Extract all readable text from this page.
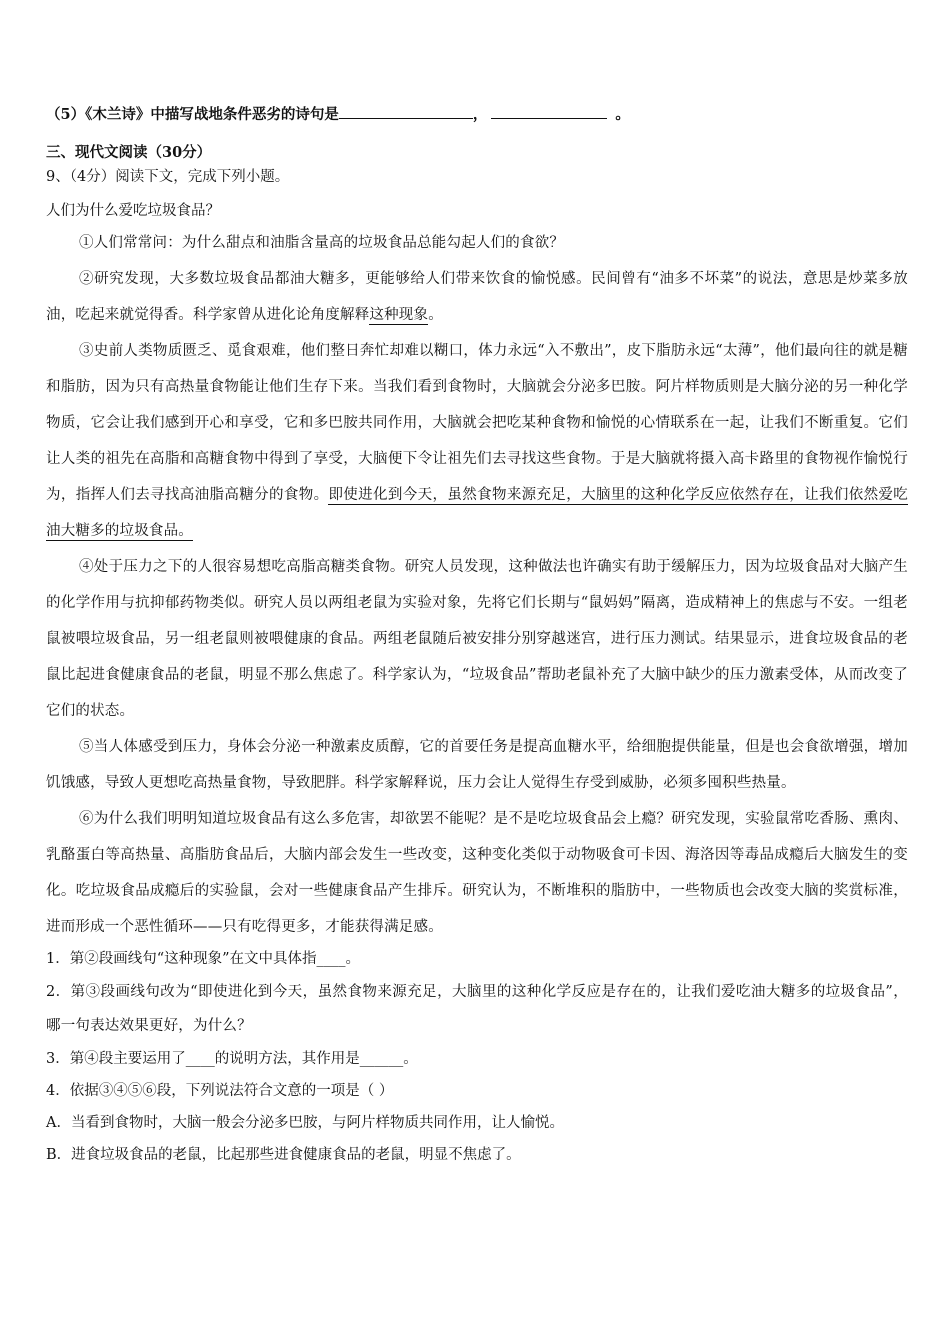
（5）《木兰诗》中描写战地条件恶劣的诗句是	，	。
三、现代文阅读（30分）
9、（4分）阅读下文，完成下列小题。
人们为什么爱吃垃圾食品？
①人们常常问：为什么甜点和油脂含量高的垃圾食品总能勾起人们的食欲？
②研究发现，大多数垃圾食品都油大糖多，更能够给人们带来饮食的愉悦感。民间曾有“油多不坏菜”的说法，意思是炒菜多放油，吃起来就觉得香。科学家曾从进化论角度解释这种现象。
③史前人类物质匮乏、觅食艰难，他们整日奔忙却难以糊口，体力永远“入不敷出”，皮下脂肪永远“太薄”，他们最向往的就是糖和脂肪，因为只有高热量食物能让他们生存下来。当我们看到食物时，大脑就会分泌多巴胺。阿片样物质则是大脑分泌的另一种化学物质，它会让我们感到开心和享受，它和多巴胺共同作用，大脑就会把吃某种食物和愉悦的心情联系在一起，让我们不断重复。它们让人类的祖先在高脂和高糖食物中得到了享受，大脑便下令让祖先们去寻找这些食物。于是大脑就将摄入高卡路里的食物视作愉悦行为，指挥人们去寻找高油脂高糖分的食物。即使进化到今天，虽然食物来源充足，大脑里的这种化学反应依然存在，让我们依然爱吃油大糖多的垃圾食品。
④处于压力之下的人很容易想吃高脂高糖类食物。研究人员发现，这种做法也许确实有助于缓解压力，因为垃圾食品对大脑产生的化学作用与抗抑郁药物类似。研究人员以两组老鼠为实验对象，先将它们长期与“鼠妈妈”隔离，造成精神上的焦虑与不安。一组老鼠被喂垃圾食品，另一组老鼠则被喂健康的食品。两组老鼠随后被安排分别穿越迷宫，进行压力测试。结果显示，进食垃圾食品的老鼠比起进食健康食品的老鼠，明显不那么焦虑了。科学家认为，“垃圾食品”帮助老鼠补充了大脑中缺少的压力激素受体，从而改变了它们的状态。
⑤当人体感受到压力，身体会分泌一种激素皮质醇，它的首要任务是提高血糖水平，给细胞提供能量，但是也会食欲增强，增加饥饿感，导致人更想吃高热量食物，导致肥胖。科学家解释说，压力会让人觉得生存受到威胁，必须多囤积些热量。
⑥为什么我们明明知道垃圾食品有这么多危害，却欲罢不能呢？是不是吃垃圾食品会上瘾？研究发现，实验鼠常吃香肠、熏肉、乳酪蛋白等高热量、高脂肪食品后，大脑内部会发生一些改变，这种变化类似于动物吸食可卡因、海洛因等毒品成瘾后大脑发生的变化。吃垃圾食品成瘾后的实验鼠，会对一些健康食品产生排斥。研究认为，不断堆积的脂肪中，一些物质也会改变大脑的奖赏标准，进而形成一个恶性循环——只有吃得更多，才能获得满足感。
1．第②段画线句“这种现象”在文中具体指____。
2．第③段画线句改为“即使进化到今天，虽然食物来源充足，大脑里的这种化学反应是存在的，让我们爱吃油大糖多的垃圾食品”，哪一句表达效果更好，为什么？
3．第④段主要运用了____的说明方法，其作用是______。
4．依据③④⑤⑥段，下列说法符合文意的一项是（ ）
A．当看到食物时，大脑一般会分泌多巴胺，与阿片样物质共同作用，让人愉悦。
B．进食垃圾食品的老鼠，比起那些进食健康食品的老鼠，明显不焦虑了。
